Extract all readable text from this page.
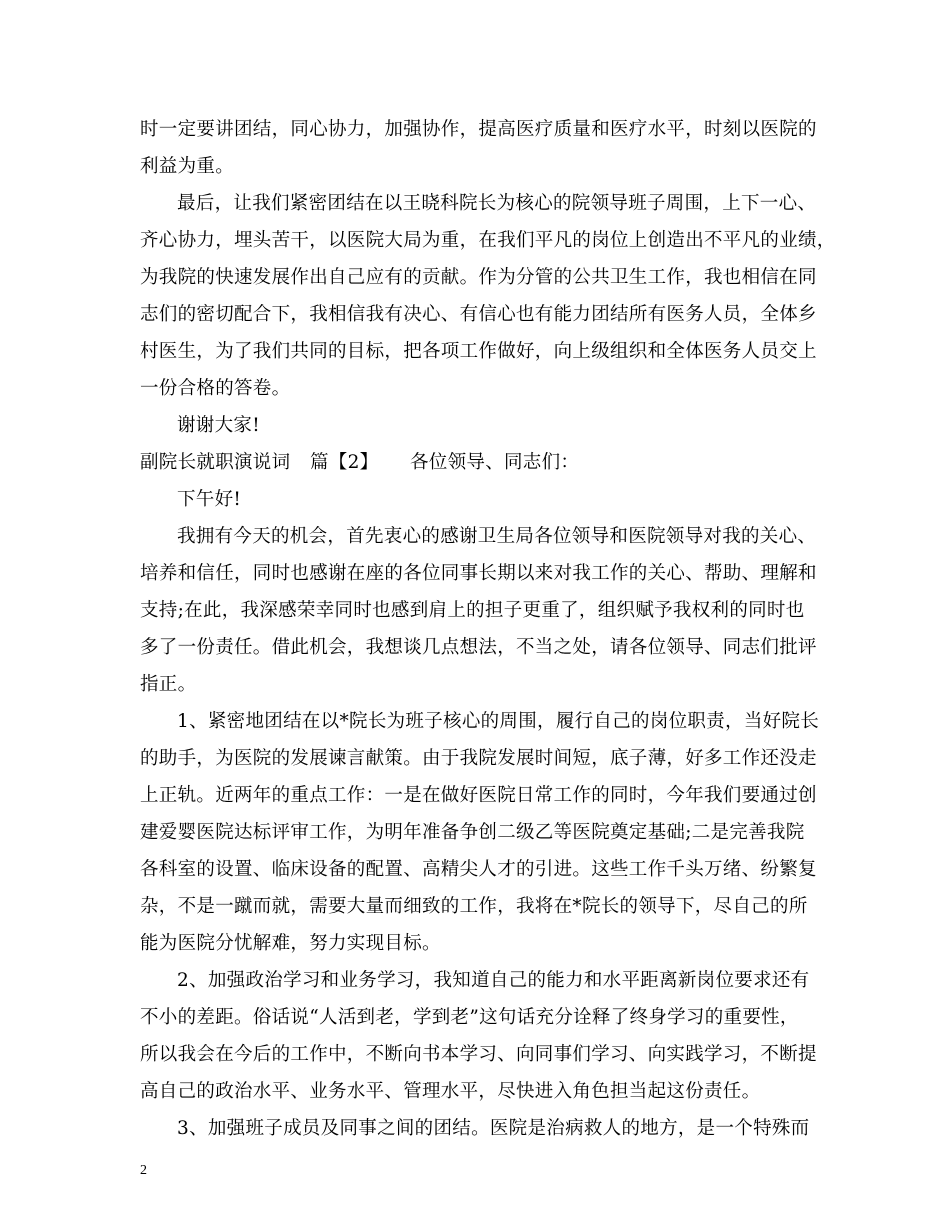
时一定要讲团结，同心协力，加强协作，提高医疗质量和医疗水平，时刻以医院的
利益为重。
最后，让我们紧密团结在以王晓科院长为核心的院领导班子周围，上下一心、
齐心协力，埋头苦干，以医院大局为重，在我们平凡的岗位上创造出不平凡的业绩，
为我院的快速发展作出自己应有的贡献。作为分管的公共卫生工作，我也相信在同
志们的密切配合下，我相信我有决心、有信心也有能力团结所有医务人员，全体乡
村医生，为了我们共同的目标，把各项工作做好，向上级组织和全体医务人员交上
一份合格的答卷。
谢谢大家!
副院长就职演说词 篇【2】 各位领导、同志们：
下午好!
我拥有今天的机会，首先衷心的感谢卫生局各位领导和医院领导对我的关心、
培养和信任，同时也感谢在座的各位同事长期以来对我工作的关心、帮助、理解和
支持;在此，我深感荣幸同时也感到肩上的担子更重了，组织赋予我权利的同时也
多了一份责任。借此机会，我想谈几点想法，不当之处，请各位领导、同志们批评
指正。
1、紧密地团结在以*院长为班子核心的周围，履行自己的岗位职责，当好院长
的助手，为医院的发展谏言献策。由于我院发展时间短，底子薄，好多工作还没走
上正轨。近两年的重点工作：一是在做好医院日常工作的同时，今年我们要通过创
建爱婴医院达标评审工作，为明年准备争创二级乙等医院奠定基础;二是完善我院
各科室的设置、临床设备的配置、高精尖人才的引进。这些工作千头万绪、纷繁复
杂，不是一蹴而就，需要大量而细致的工作，我将在*院长的领导下，尽自己的所
能为医院分忧解难，努力实现目标。
2、加强政治学习和业务学习，我知道自己的能力和水平距离新岗位要求还有
不小的差距。俗话说“人活到老，学到老”这句话充分诠释了终身学习的重要性，
所以我会在今后的工作中，不断向书本学习、向同事们学习、向实践学习，不断提
高自己的政治水平、业务水平、管理水平，尽快进入角色担当起这份责任。
3、加强班子成员及同事之间的团结。医院是治病救人的地方，是一个特殊而
2
